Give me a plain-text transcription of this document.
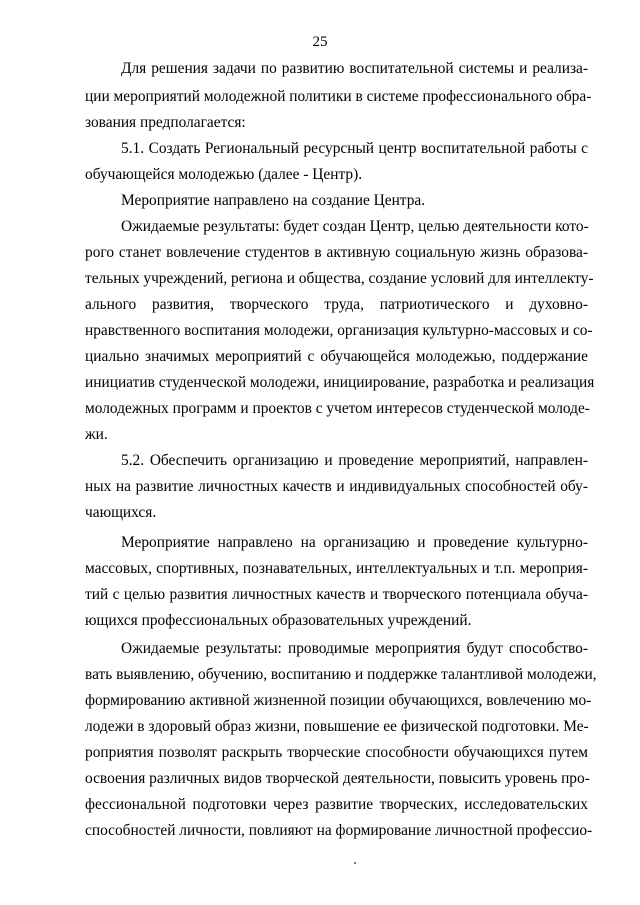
25
Для решения задачи по развитию воспитательной системы и реализа-
ции мероприятий молодежной политики в системе профессионального обра-
зования предполагается:
5.1. Создать Региональный ресурсный центр воспитательной работы с
обучающейся молодежью (далее - Центр).
Мероприятие направлено на создание Центра.
Ожидаемые результаты: будет создан Центр, целью деятельности кото-
рого станет вовлечение студентов в активную социальную жизнь образова-
тельных учреждений, региона и общества, создание условий для интеллекту-
ального развития, творческого труда, патриотического и духовно-
нравственного воспитания молодежи, организация культурно-массовых и со-
циально значимых мероприятий с обучающейся молодежью, поддержание
инициатив студенческой молодежи, инициирование, разработка и реализация
молодежных программ и проектов с учетом интересов студенческой молоде-
жи.
5.2. Обеспечить организацию и проведение мероприятий, направлен-
ных на развитие личностных качеств и индивидуальных способностей обу-
чающихся.
Мероприятие направлено на организацию и проведение культурно-
массовых, спортивных, познавательных, интеллектуальных и т.п. мероприя-
тий с целью развития личностных качеств и творческого потенциала обуча-
ющихся профессиональных образовательных учреждений.
Ожидаемые результаты: проводимые мероприятия будут способство-
вать выявлению, обучению, воспитанию и поддержке талантливой молодежи,
формированию активной жизненной позиции обучающихся, вовлечению мо-
лодежи в здоровый образ жизни, повышение ее физической подготовки. Ме-
роприятия позволят раскрыть творческие способности обучающихся путем
освоения различных видов творческой деятельности, повысить уровень про-
фессиональной подготовки через развитие творческих, исследовательских
способностей личности, повлияют на формирование личностной профессио-
